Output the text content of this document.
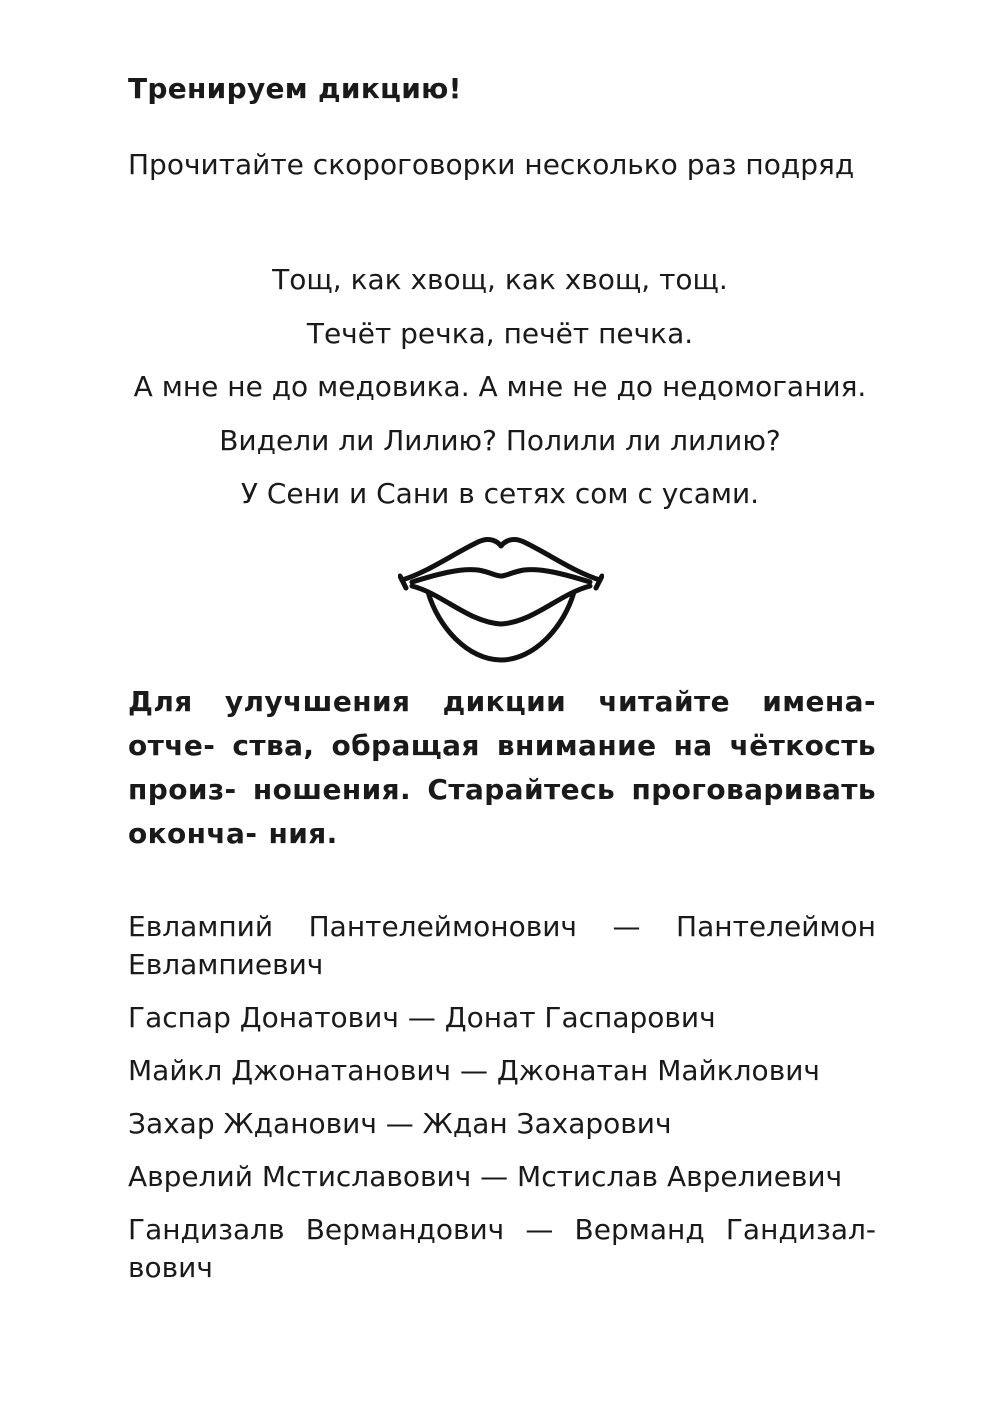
Тренируем дикцию!
Прочитайте скороговорки несколько раз подряд
Тощ, как хвощ, как хвощ, тощ.
Течёт речка, печёт печка.
А мне не до медовика. А мне не до недомогания.
Видели ли Лилию? Полили ли лилию?
У Сени и Сани в сетях сом с усами.
Для улучшения дикции читайте имена-отче- ства, обращая внимание на чёткость произ- ношения. Старайтесь проговаривать оконча- ния.
Евлампий Пантелеймонович — Пантелеймон Евлампиевич
Гаспар Донатович — Донат Гаспарович
Майкл Джонатанович — Джонатан Майклович
Захар Жданович — Ждан Захарович
Аврелий Мстиславович — Мстислав Аврелиевич
Гандизалв Вермандович — Верманд Гандизал- вович
